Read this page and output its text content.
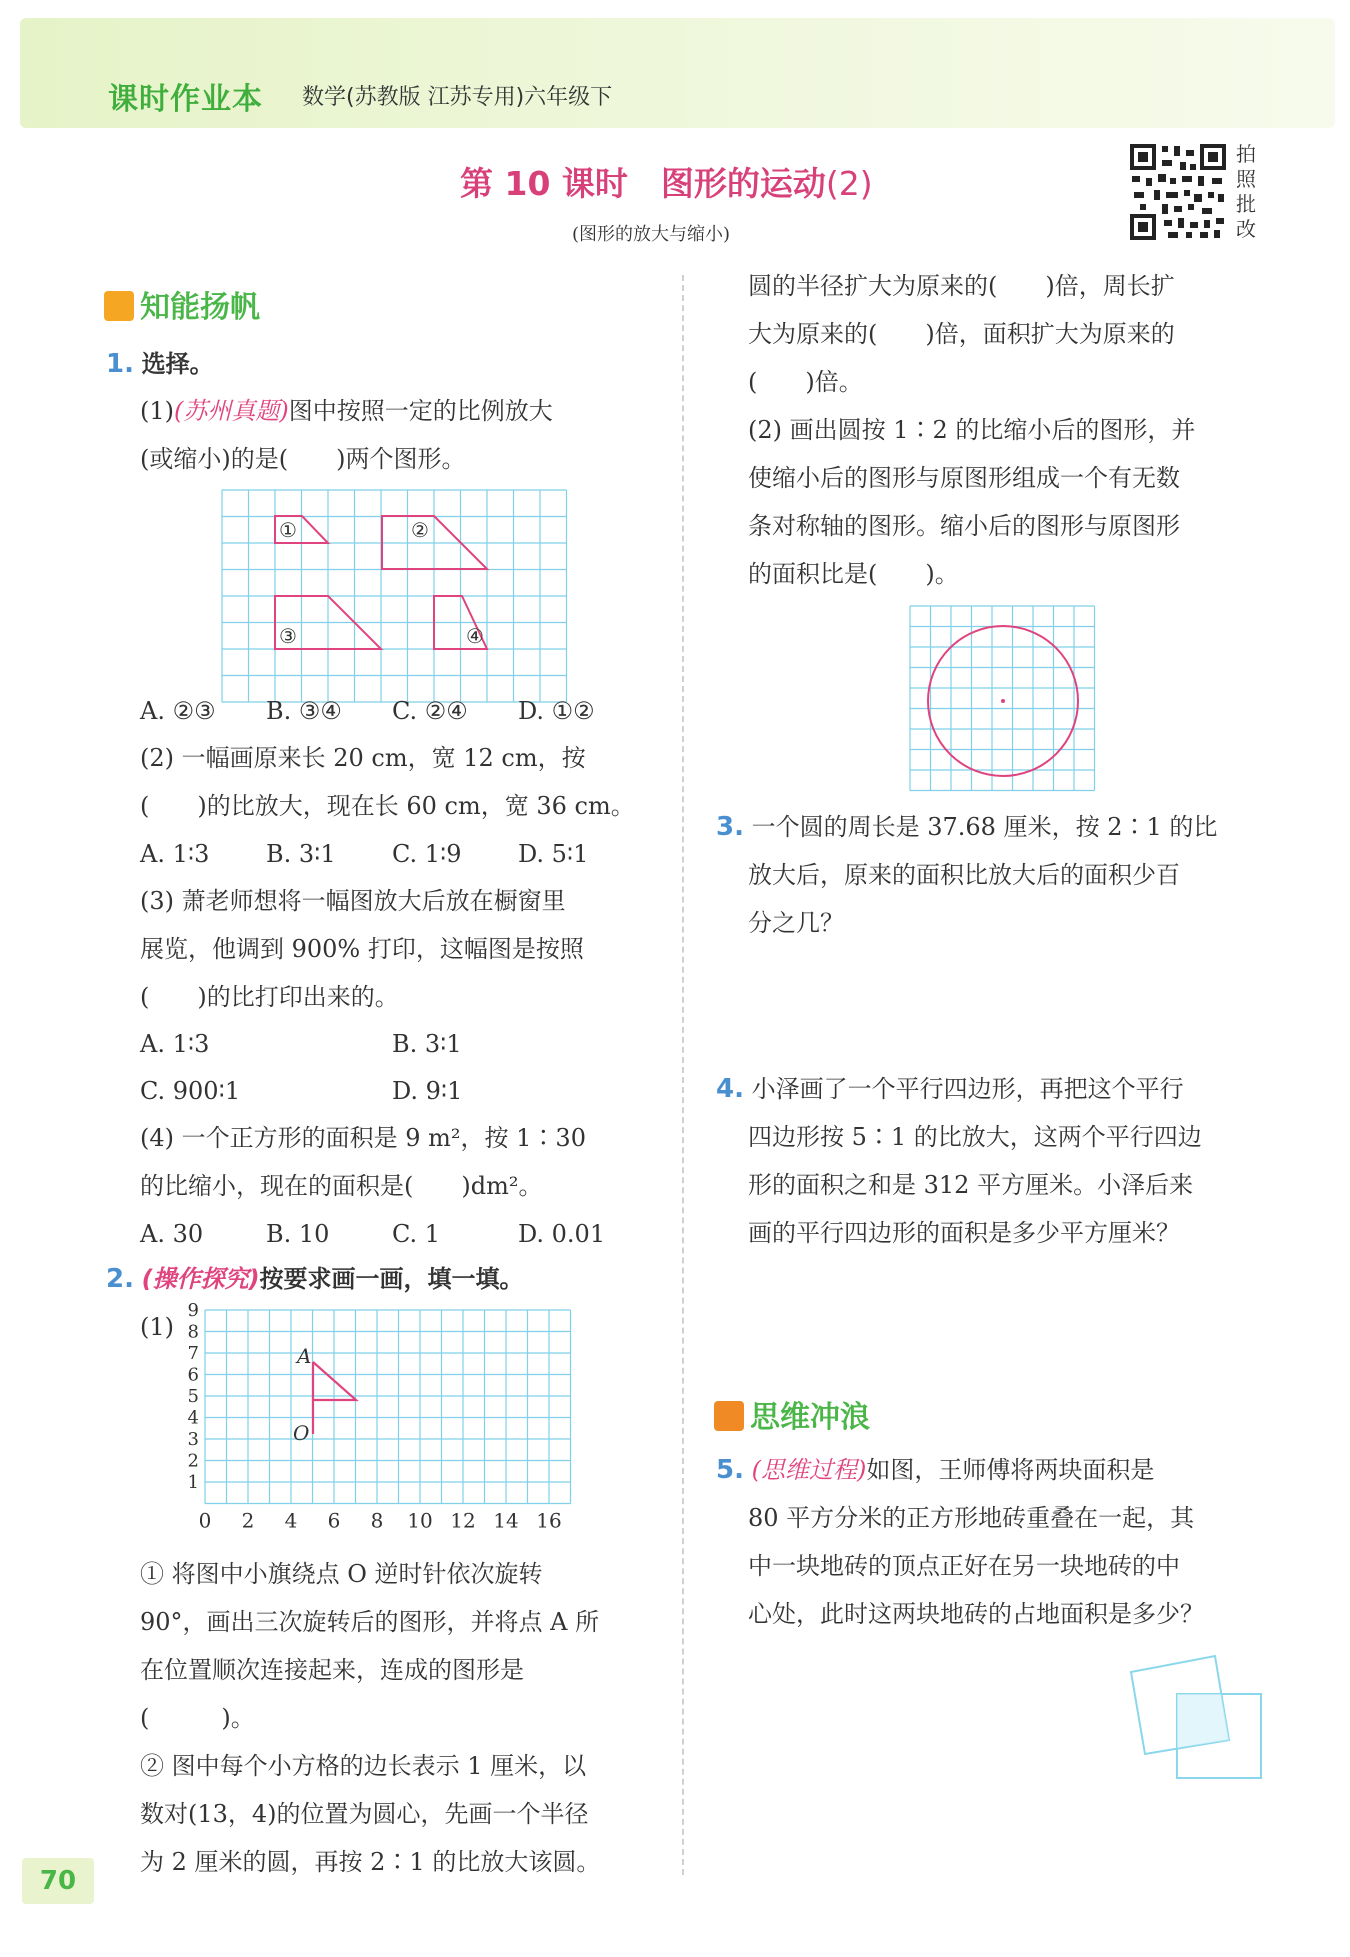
课时作业本 数学(苏教版 江苏专用)六年级下
第 10 课时　图形的运动(2)
(图形的放大与缩小)
拍
照
批
改
知能扬帆
1. 选择。
(1)(苏州真题)图中按照一定的比例放大
(或缩小)的是(　　)两个图形。
①	②
③	④
A. ②③ B. ③④ C. ②④ D. ①②
(2) 一幅画原来长 20 cm，宽 12 cm，按
(　　)的比放大，现在长 60 cm，宽 36 cm。
A. 1∶3 B. 3∶1 C. 1∶9 D. 5∶1
(3) 萧老师想将一幅图放大后放在橱窗里
展览，他调到 900% 打印，这幅图是按照
(　　)的比打印出来的。
A. 1∶3	B. 3∶1
C. 900∶1	D. 9∶1
(4) 一个正方形的面积是 9 m²，按 1∶30
的比缩小，现在的面积是(　　)dm²。
A. 30	B. 10	C. 1	D. 0.01
2. (操作探究)按要求画一画，填一填。
(1)
0 2 4 6 8 10 12 14 16
1
2
3
4
5
6
7
8
9
A
O
① 将图中小旗绕点 O 逆时针依次旋转
90°，画出三次旋转后的图形，并将点 A 所
在位置顺次连接起来，连成的图形是
(　　　)。
② 图中每个小方格的边长表示 1 厘米，以
数对(13，4)的位置为圆心，先画一个半径
为 2 厘米的圆，再按 2∶1 的比放大该圆。
圆的半径扩大为原来的(　　)倍，周长扩
大为原来的(　　)倍，面积扩大为原来的
(　　)倍。
(2) 画出圆按 1∶2 的比缩小后的图形，并
使缩小后的图形与原图形组成一个有无数
条对称轴的图形。缩小后的图形与原图形
的面积比是(　　)。
3. 一个圆的周长是 37.68 厘米，按 2∶1 的比
放大后，原来的面积比放大后的面积少百
分之几？
4. 小泽画了一个平行四边形，再把这个平行
四边形按 5∶1 的比放大，这两个平行四边
形的面积之和是 312 平方厘米。小泽后来
画的平行四边形的面积是多少平方厘米？
思维冲浪
5. (思维过程)如图，王师傅将两块面积是
80 平方分米的正方形地砖重叠在一起，其
中一块地砖的顶点正好在另一块地砖的中
心处，此时这两块地砖的占地面积是多少？
70
